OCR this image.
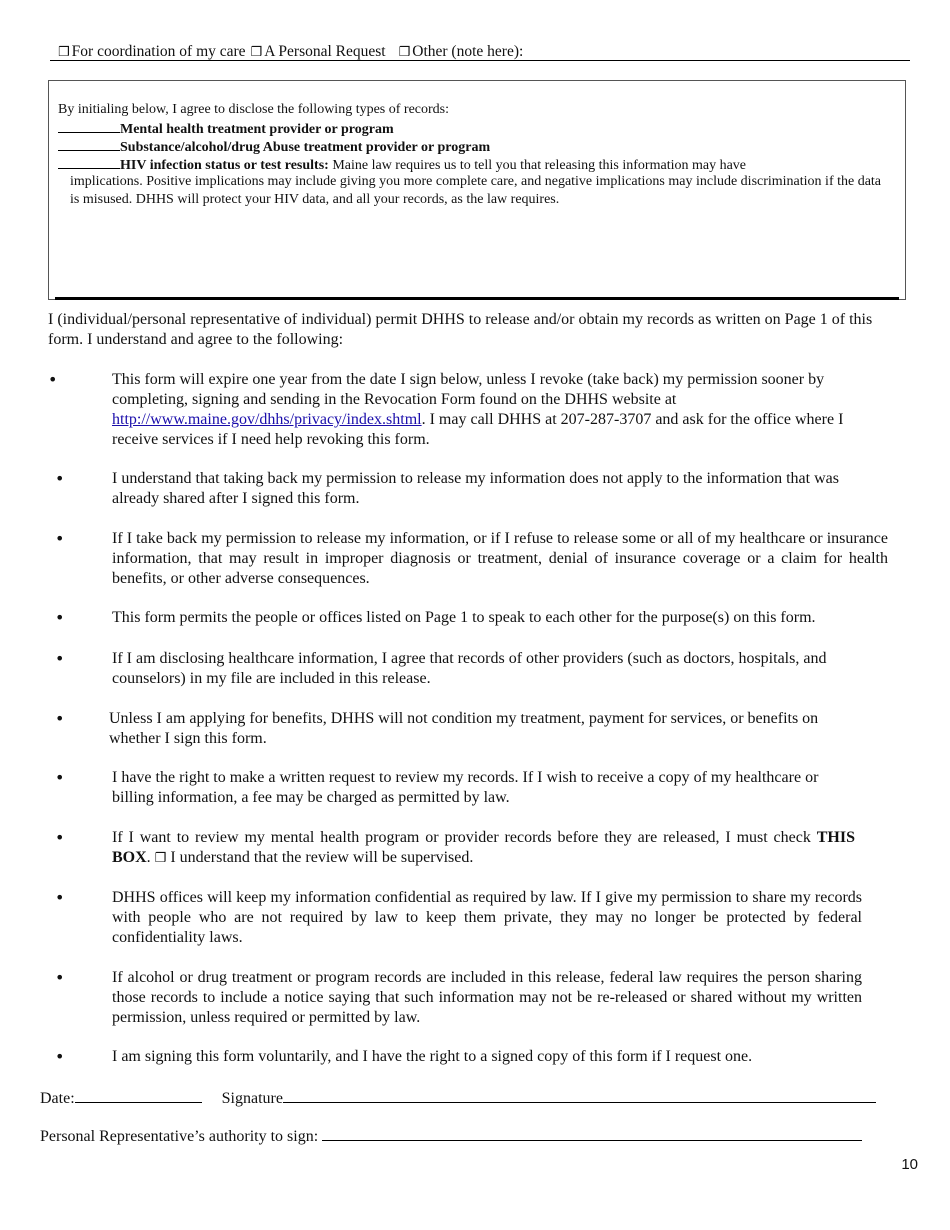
❒ For coordination of my care ❒ A Personal Request ❒ Other (note here):
By initialing below, I agree to disclose the following types of records:
Mental health treatment provider or program
Substance/alcohol/drug Abuse treatment provider or program
HIV infection status or test results: Maine law requires us to tell you that releasing this information may have
implications. Positive implications may include giving you more complete care, and negative implications may include discrimination if the data is misused. DHHS will protect your HIV data, and all your records, as the law requires.
I (individual/personal representative of individual) permit DHHS to release and/or obtain my records as written on Page 1 of this form. I understand and agree to the following:
•	This form will expire one year from the date I sign below, unless I revoke (take back) my permission sooner by completing, signing and sending in the Revocation Form found on the DHHS website at http://www.maine.gov/dhhs/privacy/index.shtml. I may call DHHS at 207-287-3707 and ask for the office where I receive services if I need help revoking this form.
•	I understand that taking back my permission to release my information does not apply to the information that was already shared after I signed this form.
•	If I take back my permission to release my information, or if I refuse to release some or all of my healthcare or insurance information, that may result in improper diagnosis or treatment, denial of insurance coverage or a claim for health benefits, or other adverse consequences.
•	This form permits the people or offices listed on Page 1 to speak to each other for the purpose(s) on this form.
•	If I am disclosing healthcare information, I agree that records of other providers (such as doctors, hospitals, and counselors) in my file are included in this release.
•	Unless I am applying for benefits, DHHS will not condition my treatment, payment for services, or benefits on whether I sign this form.
•	I have the right to make a written request to review my records. If I wish to receive a copy of my healthcare or billing information, a fee may be charged as permitted by law.
•	If I want to review my mental health program or provider records before they are released, I must check THIS BOX. ❒ I understand that the review will be supervised.
•	DHHS offices will keep my information confidential as required by law. If I give my permission to share my records with people who are not required by law to keep them private, they may no longer be protected by federal confidentiality laws.
•	If alcohol or drug treatment or program records are included in this release, federal law requires the person sharing those records to include a notice saying that such information may not be re-released or shared without my written permission, unless required or permitted by law.
•	I am signing this form voluntarily, and I have the right to a signed copy of this form if I request one.
Date:	Signature
Personal Representative’s authority to sign:
10
